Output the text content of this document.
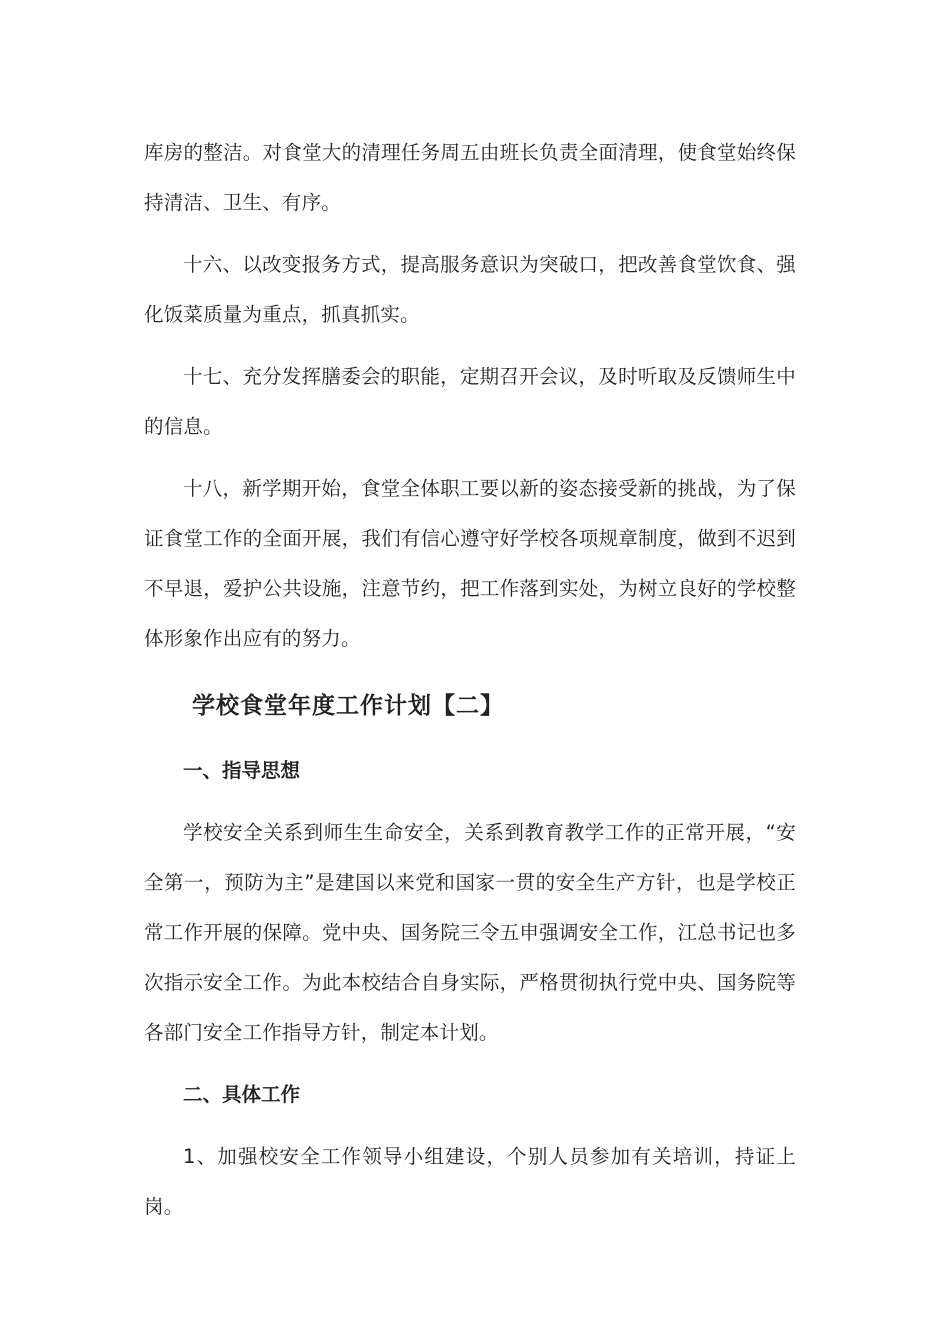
库房的整洁。对食堂大的清理任务周五由班长负责全面清理，使食堂始终保持清洁、卫生、有序。

十六、以改变报务方式，提高服务意识为突破口，把改善食堂饮食、强化饭菜质量为重点，抓真抓实。

十七、充分发挥膳委会的职能，定期召开会议，及时听取及反馈师生中的信息。

十八，新学期开始，食堂全体职工要以新的姿态接受新的挑战，为了保证食堂工作的全面开展，我们有信心遵守好学校各项规章制度，做到不迟到不早退，爱护公共设施，注意节约，把工作落到实处，为树立良好的学校整体形象作出应有的努力。

学校食堂年度工作计划【二】
一、指导思想

学校安全关系到师生生命安全，关系到教育教学工作的正常开展，“安全第一，预防为主”是建国以来党和国家一贯的安全生产方针，也是学校正常工作开展的保障。党中央、国务院三令五申强调安全工作，江总书记也多次指示安全工作。为此本校结合自身实际，严格贯彻执行党中央、国务院等各部门安全工作指导方针，制定本计划。

二、具体工作

1、加强校安全工作领导小组建设，个别人员参加有关培训，持证上岗。
